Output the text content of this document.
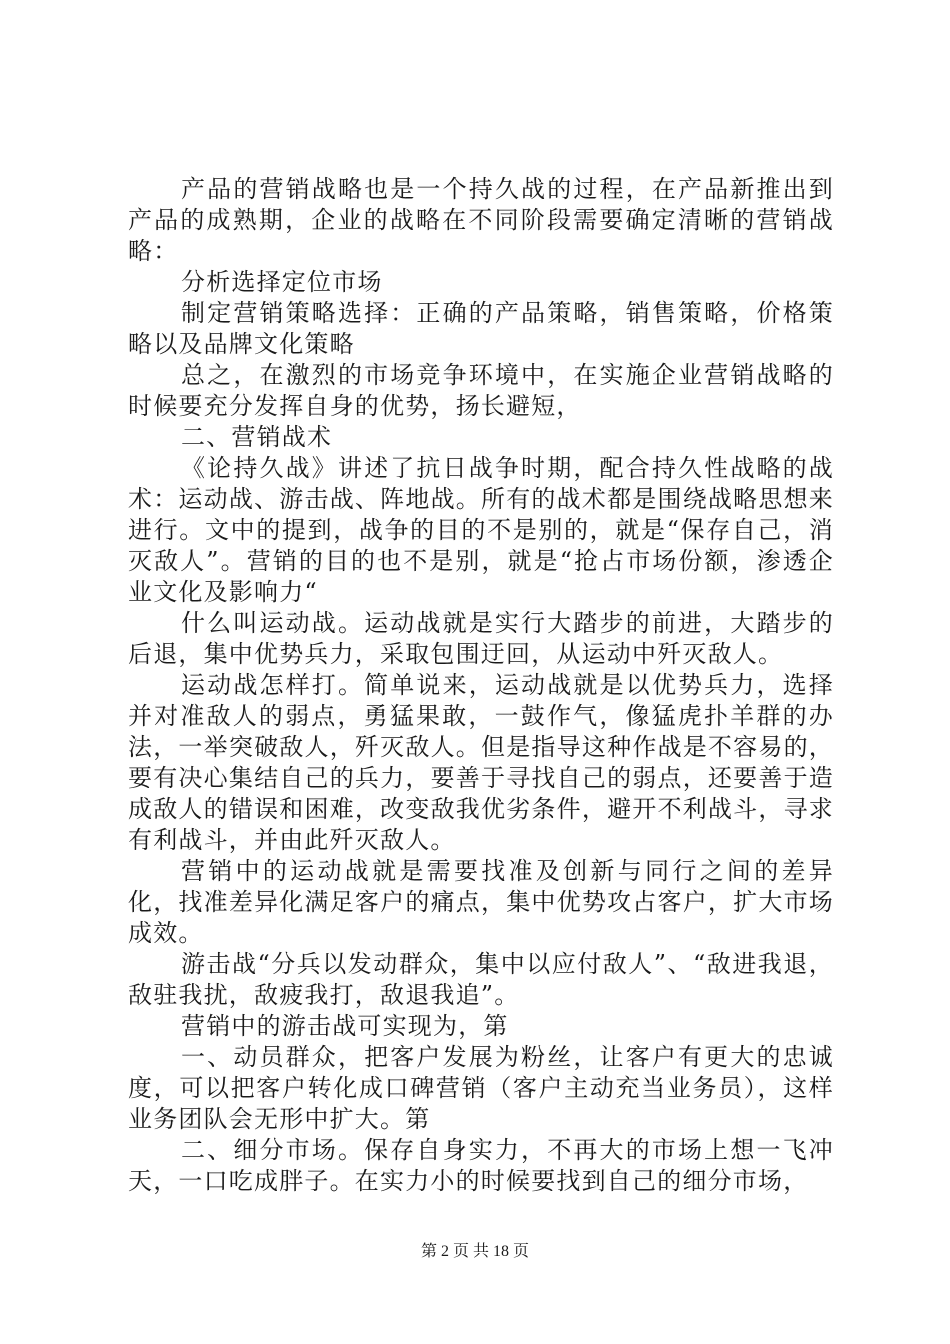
产品的营销战略也是一个持久战的过程，在产品新推出到产品的成熟期，企业的战略在不同阶段需要确定清晰的营销战略：

分析选择定位市场

制定营销策略选择：正确的产品策略，销售策略，价格策略以及品牌文化策略

总之，在激烈的市场竞争环境中，在实施企业营销战略的时候要充分发挥自身的优势，扬长避短，

二、营销战术

《论持久战》讲述了抗日战争时期，配合持久性战略的战术：运动战、游击战、阵地战。所有的战术都是围绕战略思想来进行。文中的提到，战争的目的不是别的，就是“保存自己，消灭敌人”。营销的目的也不是别，就是“抢占市场份额，渗透企业文化及影响力“

什么叫运动战。运动战就是实行大踏步的前进，大踏步的后退，集中优势兵力，采取包围迂回，从运动中歼灭敌人。

运动战怎样打。简单说来，运动战就是以优势兵力，选择并对准敌人的弱点，勇猛果敢，一鼓作气，像猛虎扑羊群的办法，一举突破敌人，歼灭敌人。但是指导这种作战是不容易的，要有决心集结自己的兵力，要善于寻找自己的弱点，还要善于造成敌人的错误和困难，改变敌我优劣条件，避开不利战斗，寻求有利战斗，并由此歼灭敌人。

营销中的运动战就是需要找准及创新与同行之间的差异化，找准差异化满足客户的痛点，集中优势攻占客户，扩大市场成效。

游击战“分兵以发动群众，集中以应付敌人”、“敌进我退，敌驻我扰，敌疲我打，敌退我追”。

营销中的游击战可实现为，第

一、动员群众，把客户发展为粉丝，让客户有更大的忠诚度，可以把客户转化成口碑营销（客户主动充当业务员），这样业务团队会无形中扩大。第

二、细分市场。保存自身实力，不再大的市场上想一飞冲天，一口吃成胖子。在实力小的时候要找到自己的细分市场，

第 2 页 共 18 页
